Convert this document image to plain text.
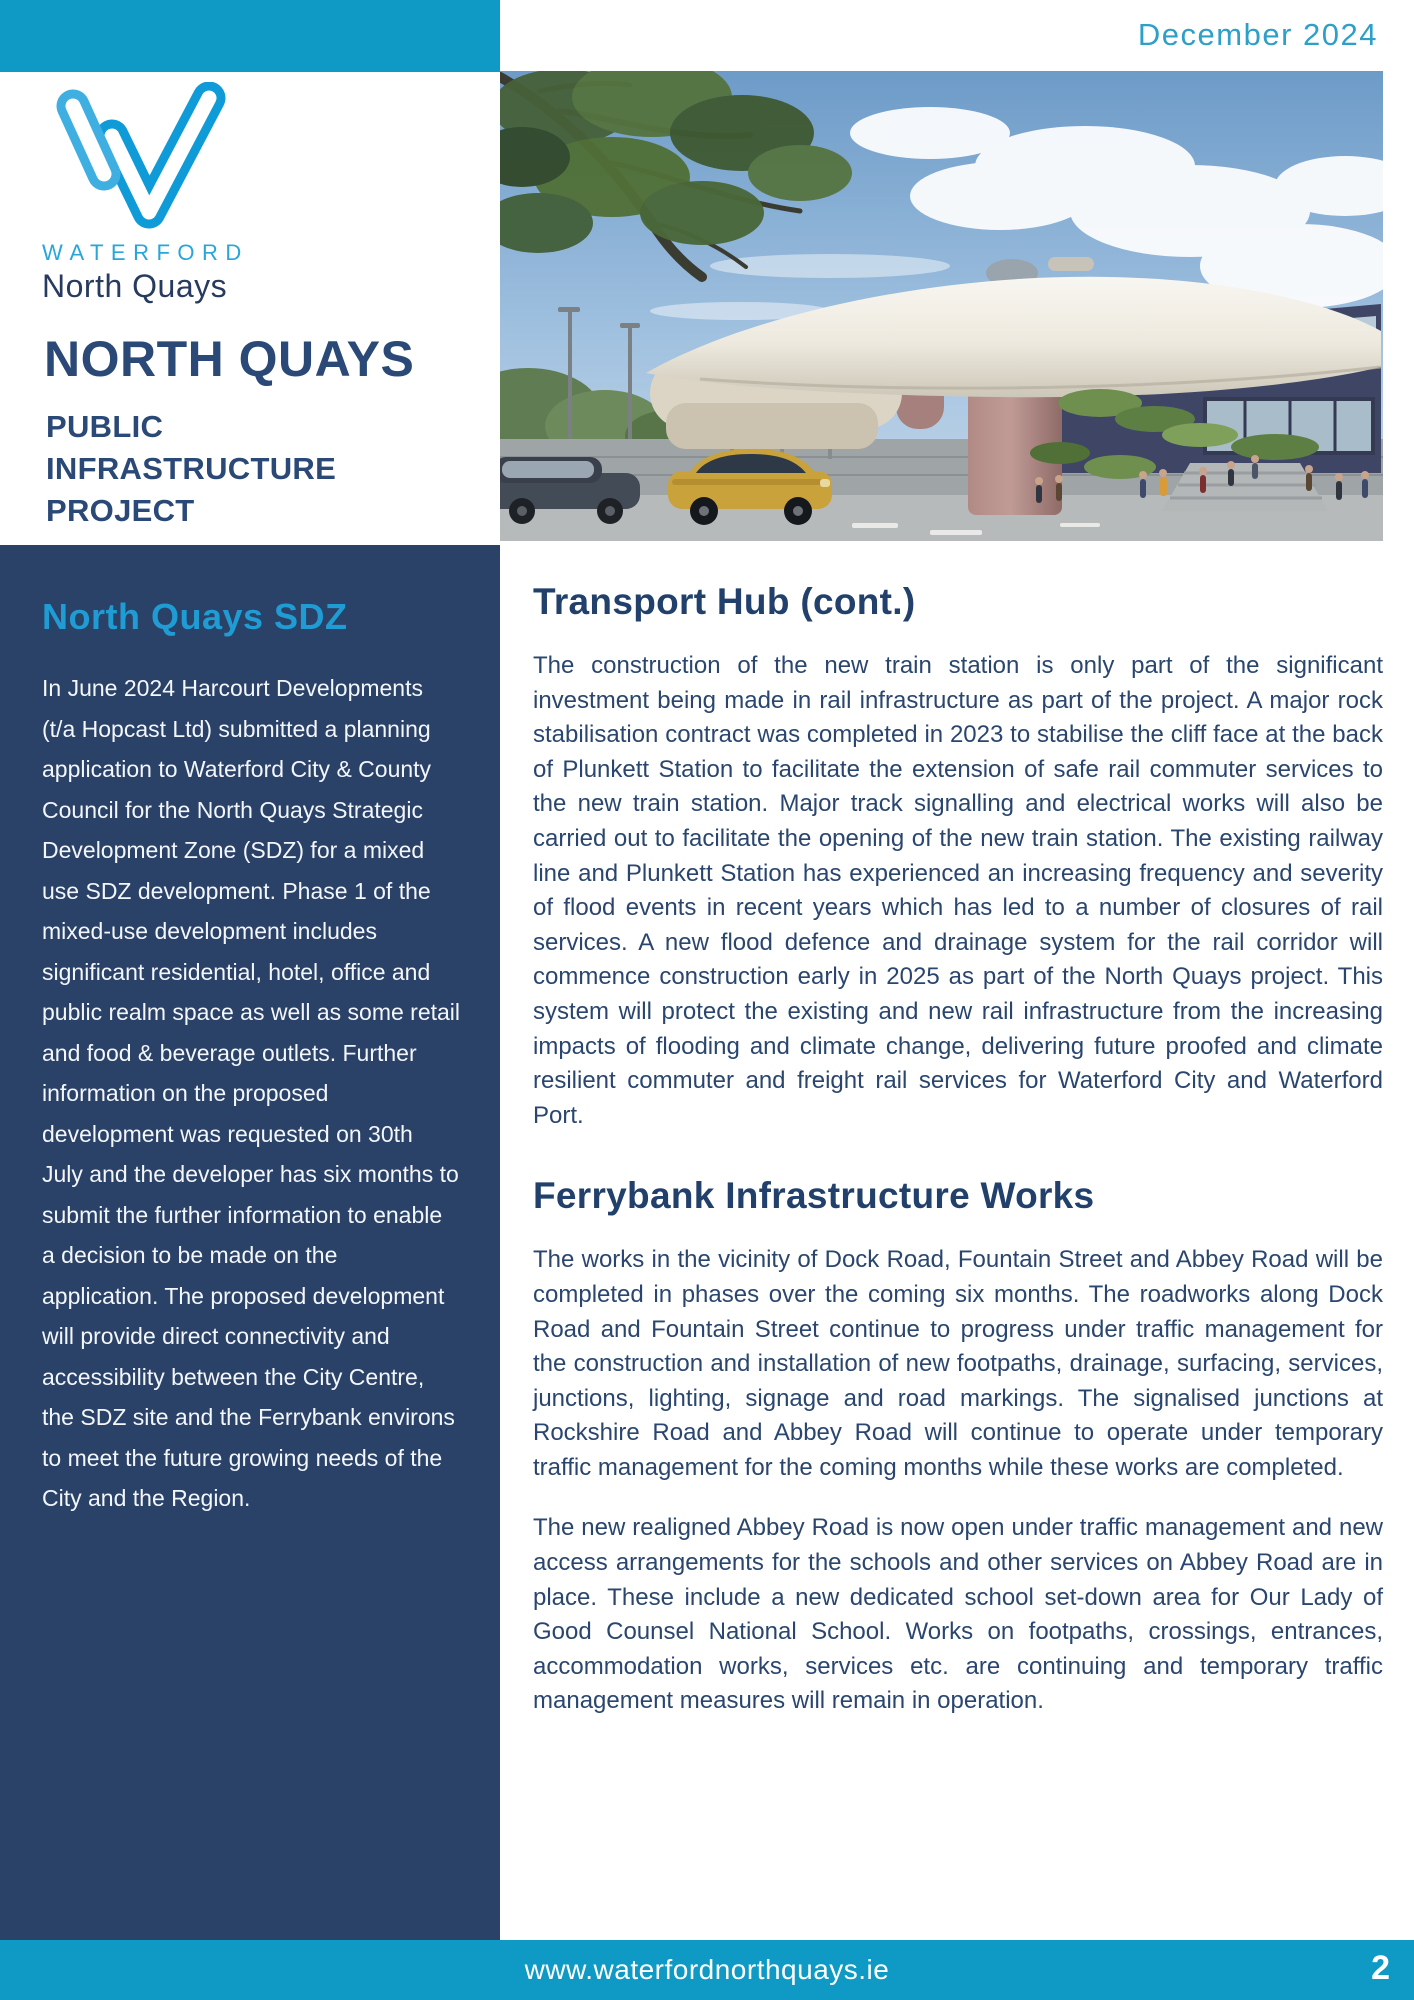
December 2024
WATERFORD
North Quays
NORTH QUAYS
PUBLIC
INFRASTRUCTURE
PROJECT
North Quays SDZ

In June 2024 Harcourt Developments (t/a Hopcast Ltd) submitted a planning application to Waterford City & County Council for the North Quays Strategic Development Zone (SDZ) for a mixed use SDZ development. Phase 1 of the mixed-use development includes significant residential, hotel, office and public realm space as well as some retail and food & beverage outlets. Further information on the proposed development was requested on 30th July and the developer has six months to submit the further information to enable a decision to be made on the application. The proposed development will provide direct connectivity and accessibility between the City Centre, the SDZ site and the Ferrybank environs to meet the future growing needs of the City and the Region.

Transport Hub (cont.)

The construction of the new train station is only part of the significant investment being made in rail infrastructure as part of the project. A major rock stabilisation contract was completed in 2023 to stabilise the cliff face at the back of Plunkett Station to facilitate the extension of safe rail commuter services to the new train station. Major track signalling and electrical works will also be carried out to facilitate the opening of the new train station. The existing railway line and Plunkett Station has experienced an increasing frequency and severity of flood events in recent years which has led to a number of closures of rail services. A new flood defence and drainage system for the rail corridor will commence construction early in 2025 as part of the North Quays project. This system will protect the existing and new rail infrastructure from the increasing impacts of flooding and climate change, delivering future proofed and climate resilient commuter and freight rail services for Waterford City and Waterford Port.

Ferrybank Infrastructure Works

The works in the vicinity of Dock Road, Fountain Street and Abbey Road will be completed in phases over the coming six months. The roadworks along Dock Road and Fountain Street continue to progress under traffic management for the construction and installation of new footpaths, drainage, surfacing, services, junctions, lighting, signage and road markings. The signalised junctions at Rockshire Road and Abbey Road will continue to operate under temporary traffic management for the coming months while these works are completed.

The new realigned Abbey Road is now open under traffic management and new access arrangements for the schools and other services on Abbey Road are in place. These include a new dedicated school set-down area for Our Lady of Good Counsel National School. Works on footpaths, crossings, entrances, accommodation works, services etc. are continuing and temporary traffic management measures will remain in operation.

www.waterfordnorthquays.ie	2
